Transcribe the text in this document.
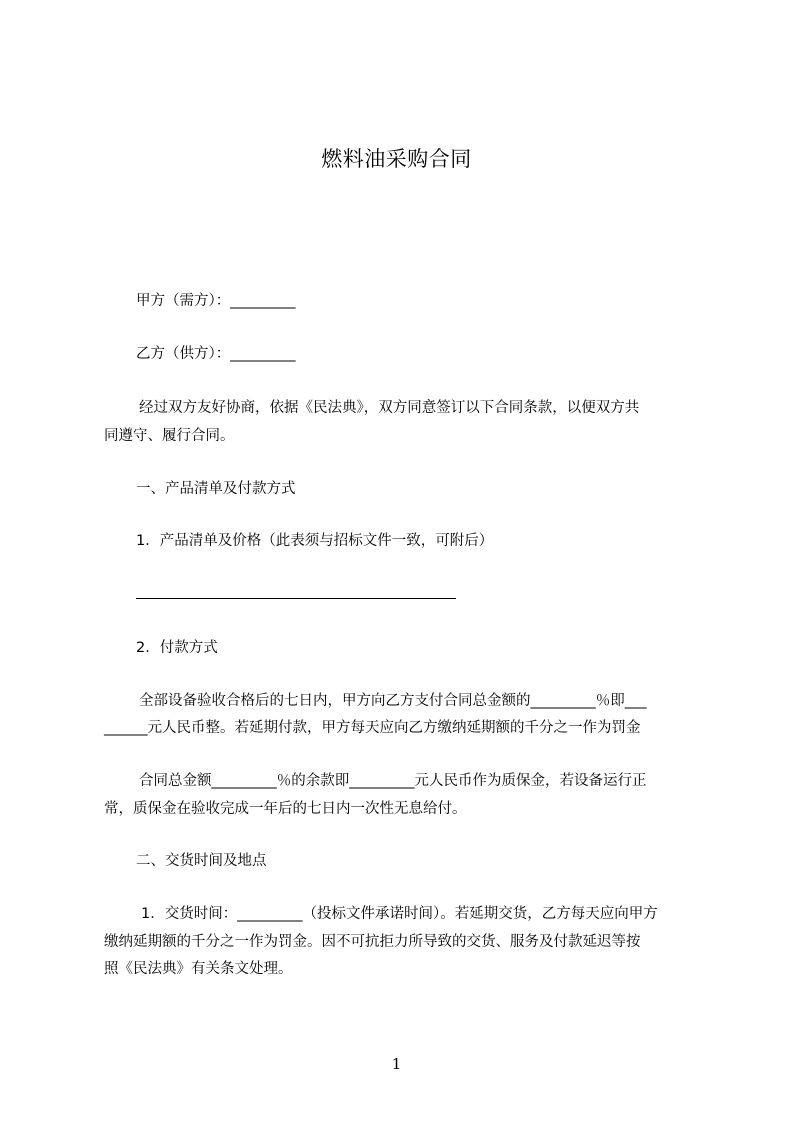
燃料油采购合同
甲方（需方）：_________
乙方（供方）：_________
经过双方友好协商，依据《民法典》，双方同意签订以下合同条款，以便双方共
同遵守、履行合同。
一、产品清单及付款方式
1．产品清单及价格（此表须与招标文件一致，可附后）
2．付款方式
全部设备验收合格后的七日内，甲方向乙方支付合同总金额的_________％即___
______元人民币整。若延期付款，甲方每天应向乙方缴纳延期额的千分之一作为罚金
合同总金额_________％的余款即_________元人民币作为质保金，若设备运行正
常，质保金在验收完成一年后的七日内一次性无息给付。
二、交货时间及地点
1．交货时间：_________（投标文件承诺时间）。若延期交货，乙方每天应向甲方
缴纳延期额的千分之一作为罚金。因不可抗拒力所导致的交货、服务及付款延迟等按
照《民法典》有关条文处理。
1
